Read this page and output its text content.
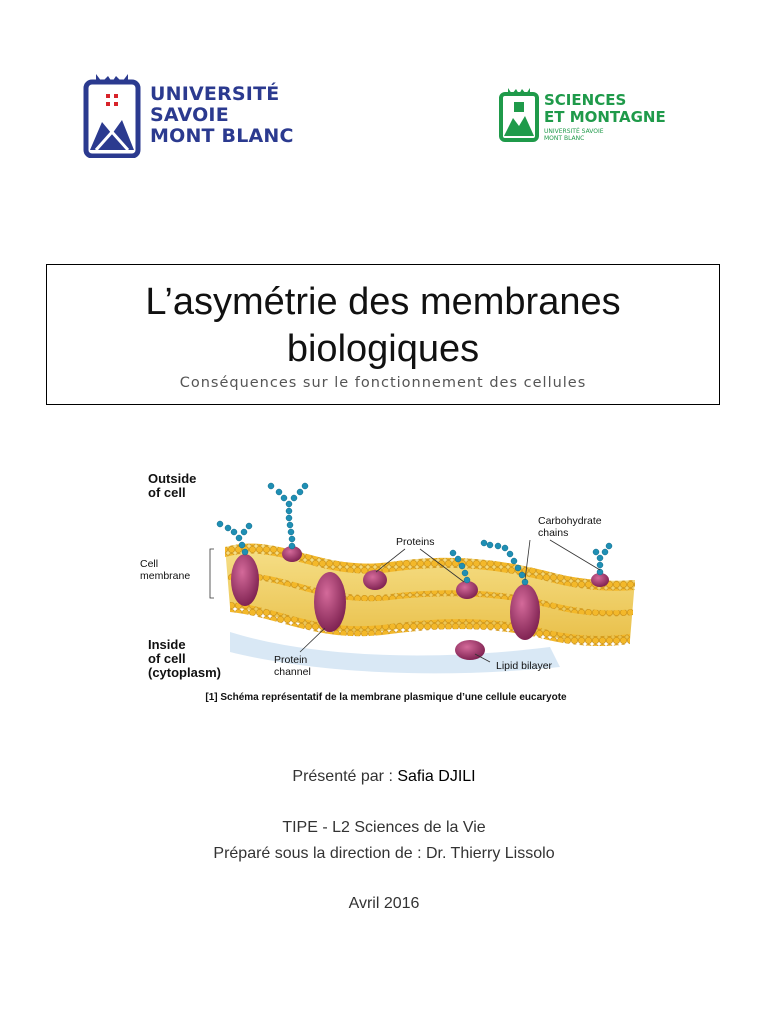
UNIVERSITÉ
SAVOIE
MONT BLANC
SCIENCES
ET MONTAGNE
UNIVERSITÉ SAVOIE
MONT BLANC
L’asymétrie des membranes biologiques
Conséquences sur le fonctionnement des cellules
Outside
of cell
Cell
membrane
Inside
of cell
(cytoplasm)
Protein
channel
Proteins
Carbohydrate
chains
Lipid bilayer
[1] Schéma représentatif de la membrane plasmique d’une cellule eucaryote
Présenté par : Safia DJILI
TIPE - L2 Sciences de la Vie
Préparé sous la direction de : Dr. Thierry Lissolo
Avril 2016
